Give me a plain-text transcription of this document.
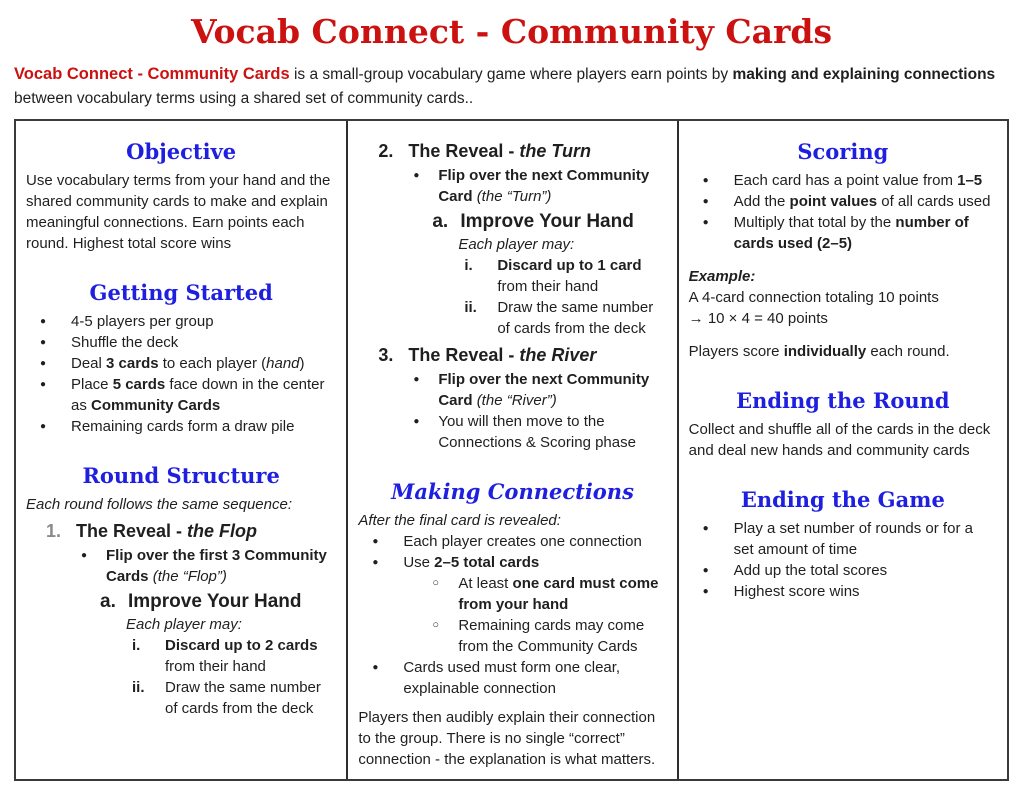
Vocab Connect - Community Cards

Vocab Connect - Community Cards is a small-group vocabulary game where players earn points by making and explaining connections between vocabulary terms using a shared set of community cards..

Objective
Use vocabulary terms from your hand and the shared community cards to make and explain meaningful connections. Earn points each round. Highest total score wins
Getting Started
●	4-5 players per group
●	Shuffle the deck
●	Deal 3 cards to each player (hand)
●	Place 5 cards face down in the center as Community Cards
●	Remaining cards form a draw pile
Round Structure
Each round follows the same sequence:
1. The Reveal - the Flop
●	Flip over the first 3 Community Cards (the “Flop”)
a. Improve Your Hand
Each player may:
i.	Discard up to 2 cards from their hand
ii.	Draw the same number of cards from the deck
2. The Reveal - the Turn
●	Flip over the next Community Card (the “Turn”)
a. Improve Your Hand
Each player may:
i.	Discard up to 1 card from their hand
ii.	Draw the same number of cards from the deck
3. The Reveal - the River
●	Flip over the next Community Card (the “River”)
●	You will then move to the Connections & Scoring phase
Making Connections
After the final card is revealed:
●	Each player creates one connection
●	Use 2–5 total cards
○	At least one card must come from your hand
○	Remaining cards may come from the Community Cards
●	Cards used must form one clear, explainable connection
Players then audibly explain their connection to the group. There is no single “correct” connection - the explanation is what matters.
Scoring
●	Each card has a point value from 1–5
●	Add the point values of all cards used
●	Multiply that total by the number of cards used (2–5)
Example:
A 4-card connection totaling 10 points
→ 10 × 4 = 40 points
Players score individually each round.
Ending the Round
Collect and shuffle all of the cards in the deck and deal new hands and community cards
Ending the Game
●	Play a set number of rounds or for a set amount of time
●	Add up the total scores
●	Highest score wins
